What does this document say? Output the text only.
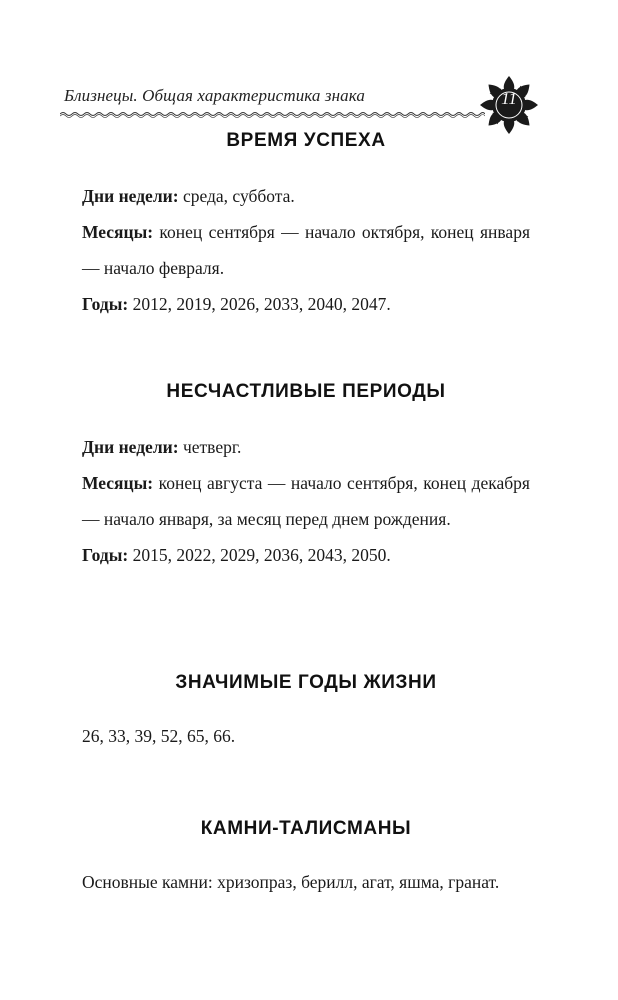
Близнецы. Общая характеристика знака	11
ВРЕМЯ УСПЕХА

Дни недели: среда, суббота.

Месяцы: конец сентября — начало октября, конец января — начало февраля.

Годы: 2012, 2019, 2026, 2033, 2040, 2047.

НЕСЧАСТЛИВЫЕ ПЕРИОДЫ

Дни недели: четверг.

Месяцы: конец августа — начало сентября, конец декабря — начало января, за месяц перед днем рождения.

Годы: 2015, 2022, 2029, 2036, 2043, 2050.

ЗНАЧИМЫЕ ГОДЫ ЖИЗНИ

26, 33, 39, 52, 65, 66.

КАМНИ-ТАЛИСМАНЫ

Основные камни: хризопраз, берилл, агат, яшма, гранат.
